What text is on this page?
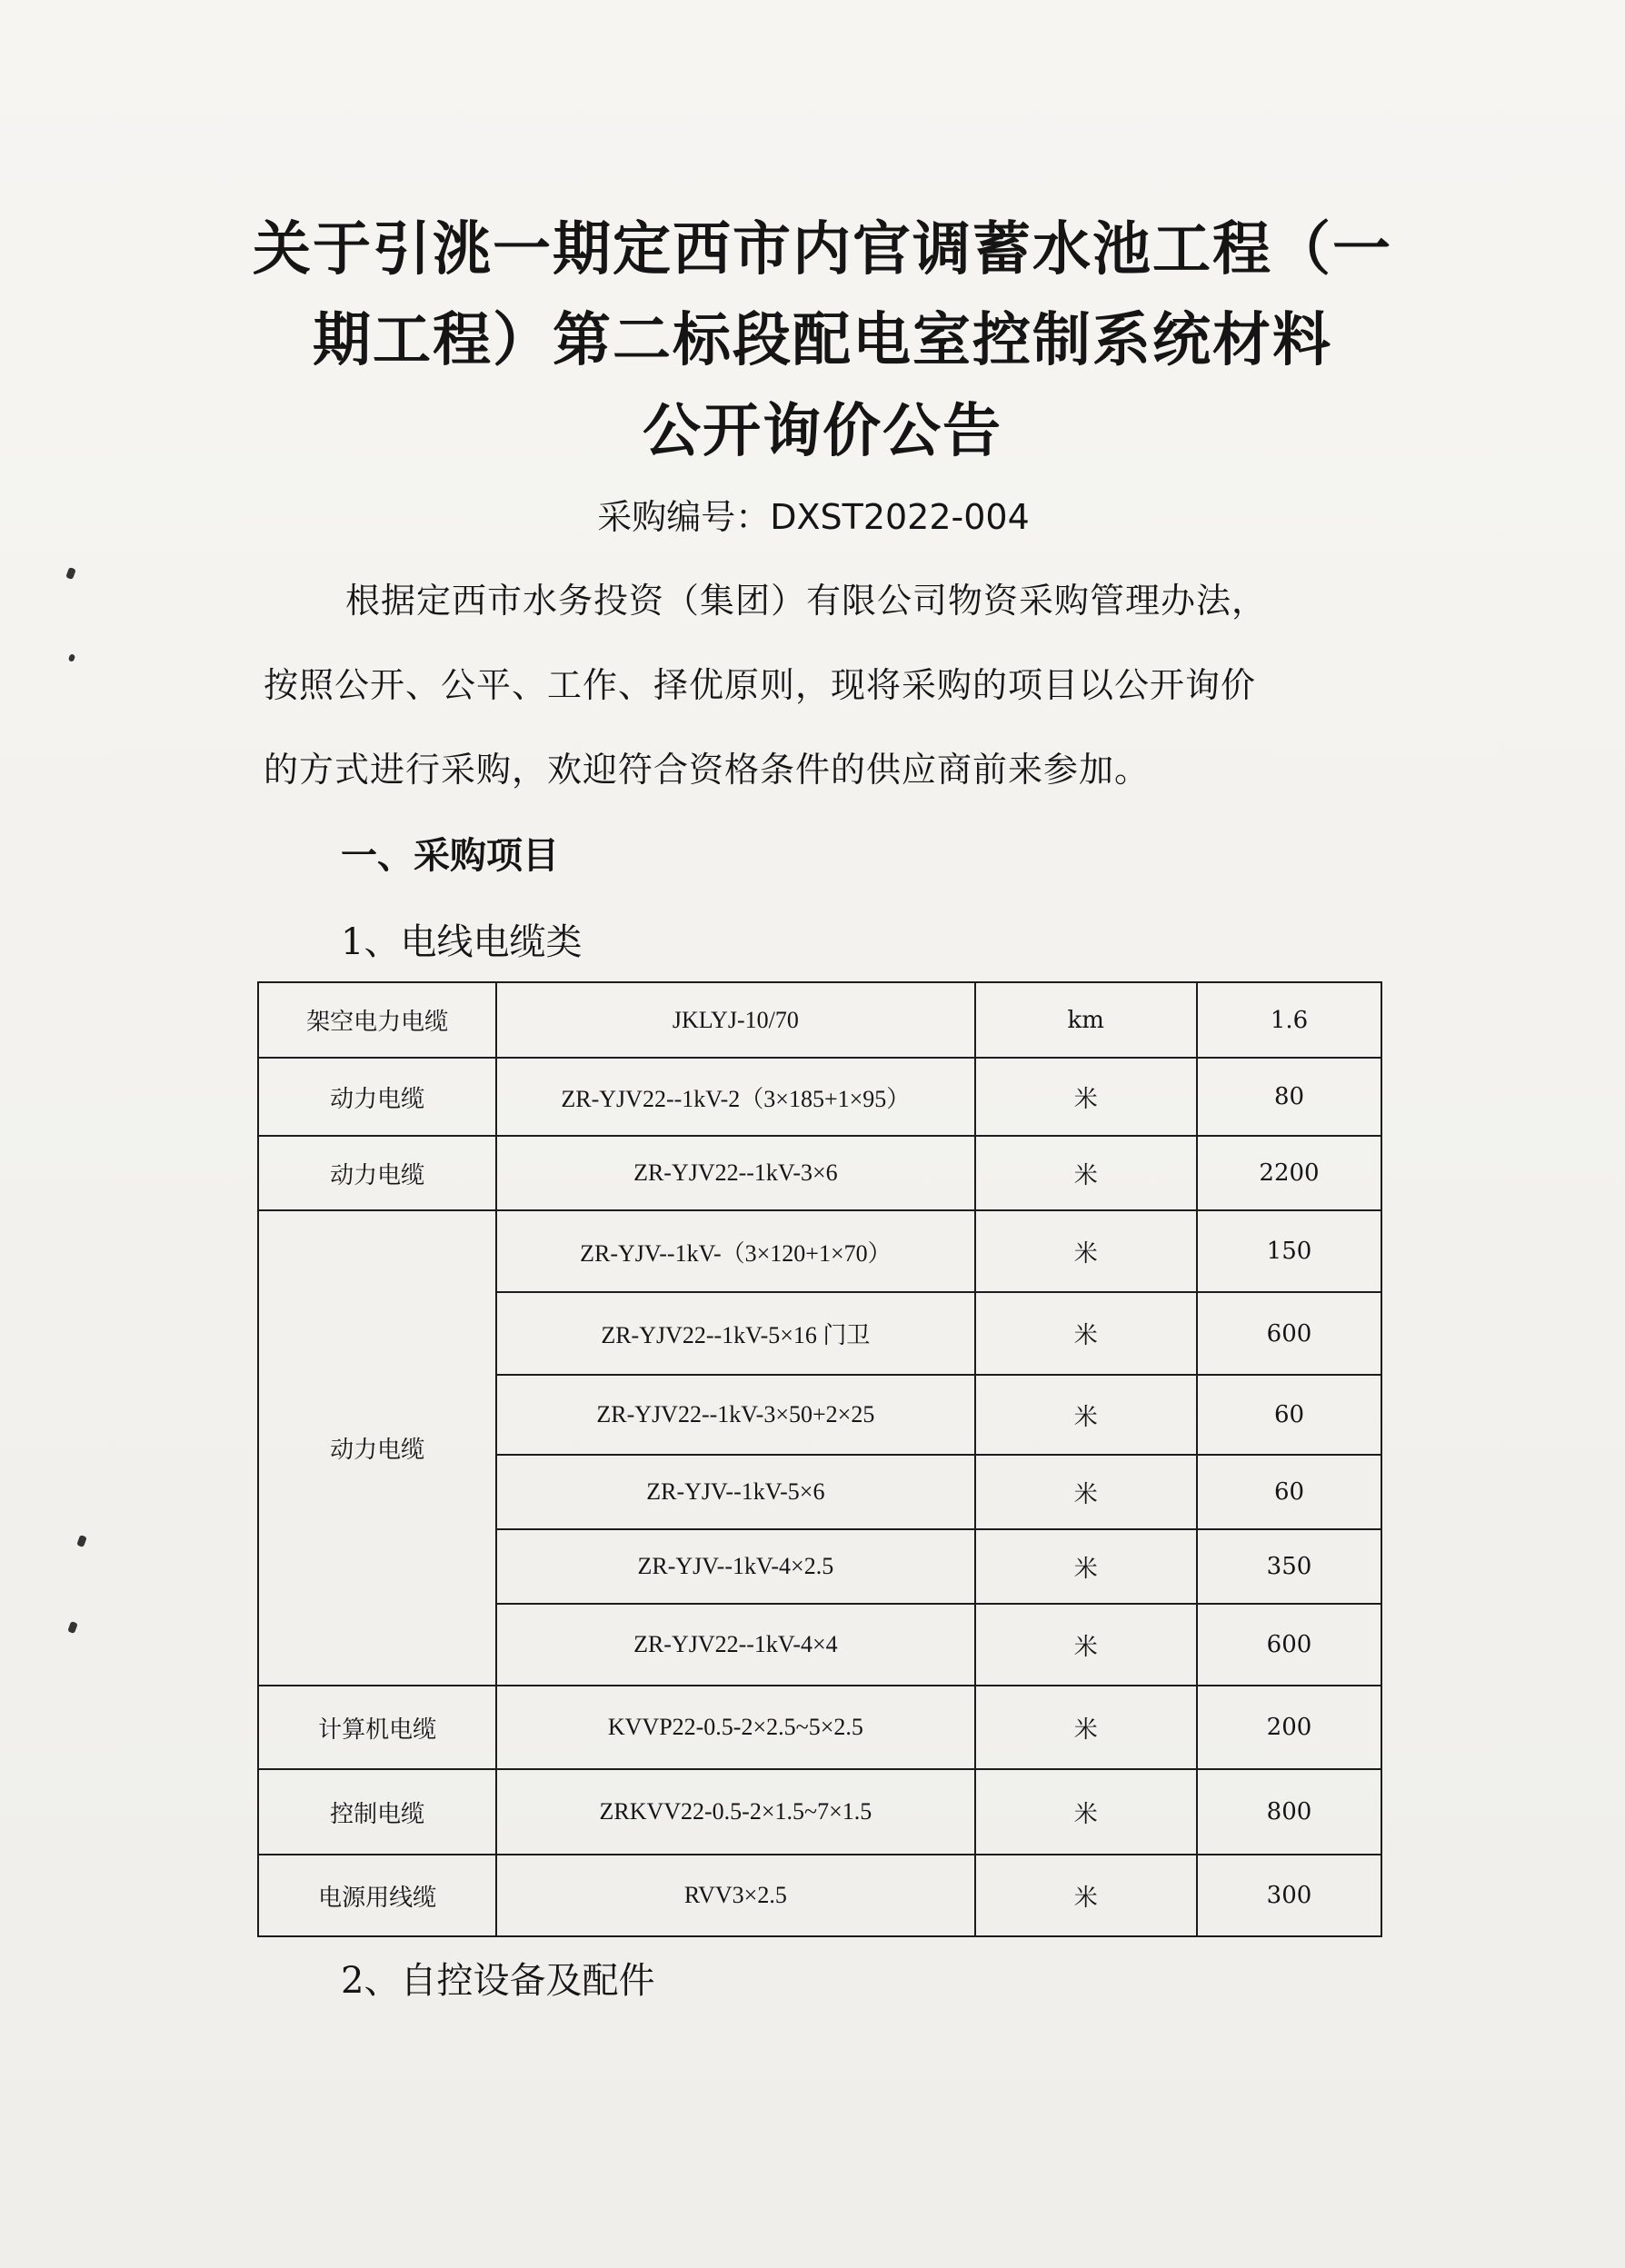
关于引洮一期定西市内官调蓄水池工程（一
期工程）第二标段配电室控制系统材料
公开询价公告
采购编号：DXST2022-004
根据定西市水务投资（集团）有限公司物资采购管理办法，
按照公开、公平、工作、择优原则，现将采购的项目以公开询价
的方式进行采购，欢迎符合资格条件的供应商前来参加。
一、采购项目
1、电线电缆类
架空电力电缆	JKLYJ-10/70	km	1.6
动力电缆	ZR-YJV22--1kV-2（3×185+1×95）	米	80
动力电缆	ZR-YJV22--1kV-3×6	米	2200
动力电缆	ZR-YJV--1kV-（3×120+1×70）	米	150
	ZR-YJV22--1kV-5×16 门卫	米	600
	ZR-YJV22--1kV-3×50+2×25	米	60
	ZR-YJV--1kV-5×6	米	60
	ZR-YJV--1kV-4×2.5	米	350
	ZR-YJV22--1kV-4×4	米	600
计算机电缆	KVVP22-0.5-2×2.5~5×2.5	米	200
控制电缆	ZRKVV22-0.5-2×1.5~7×1.5	米	800
电源用线缆	RVV3×2.5	米	300
2、自控设备及配件
